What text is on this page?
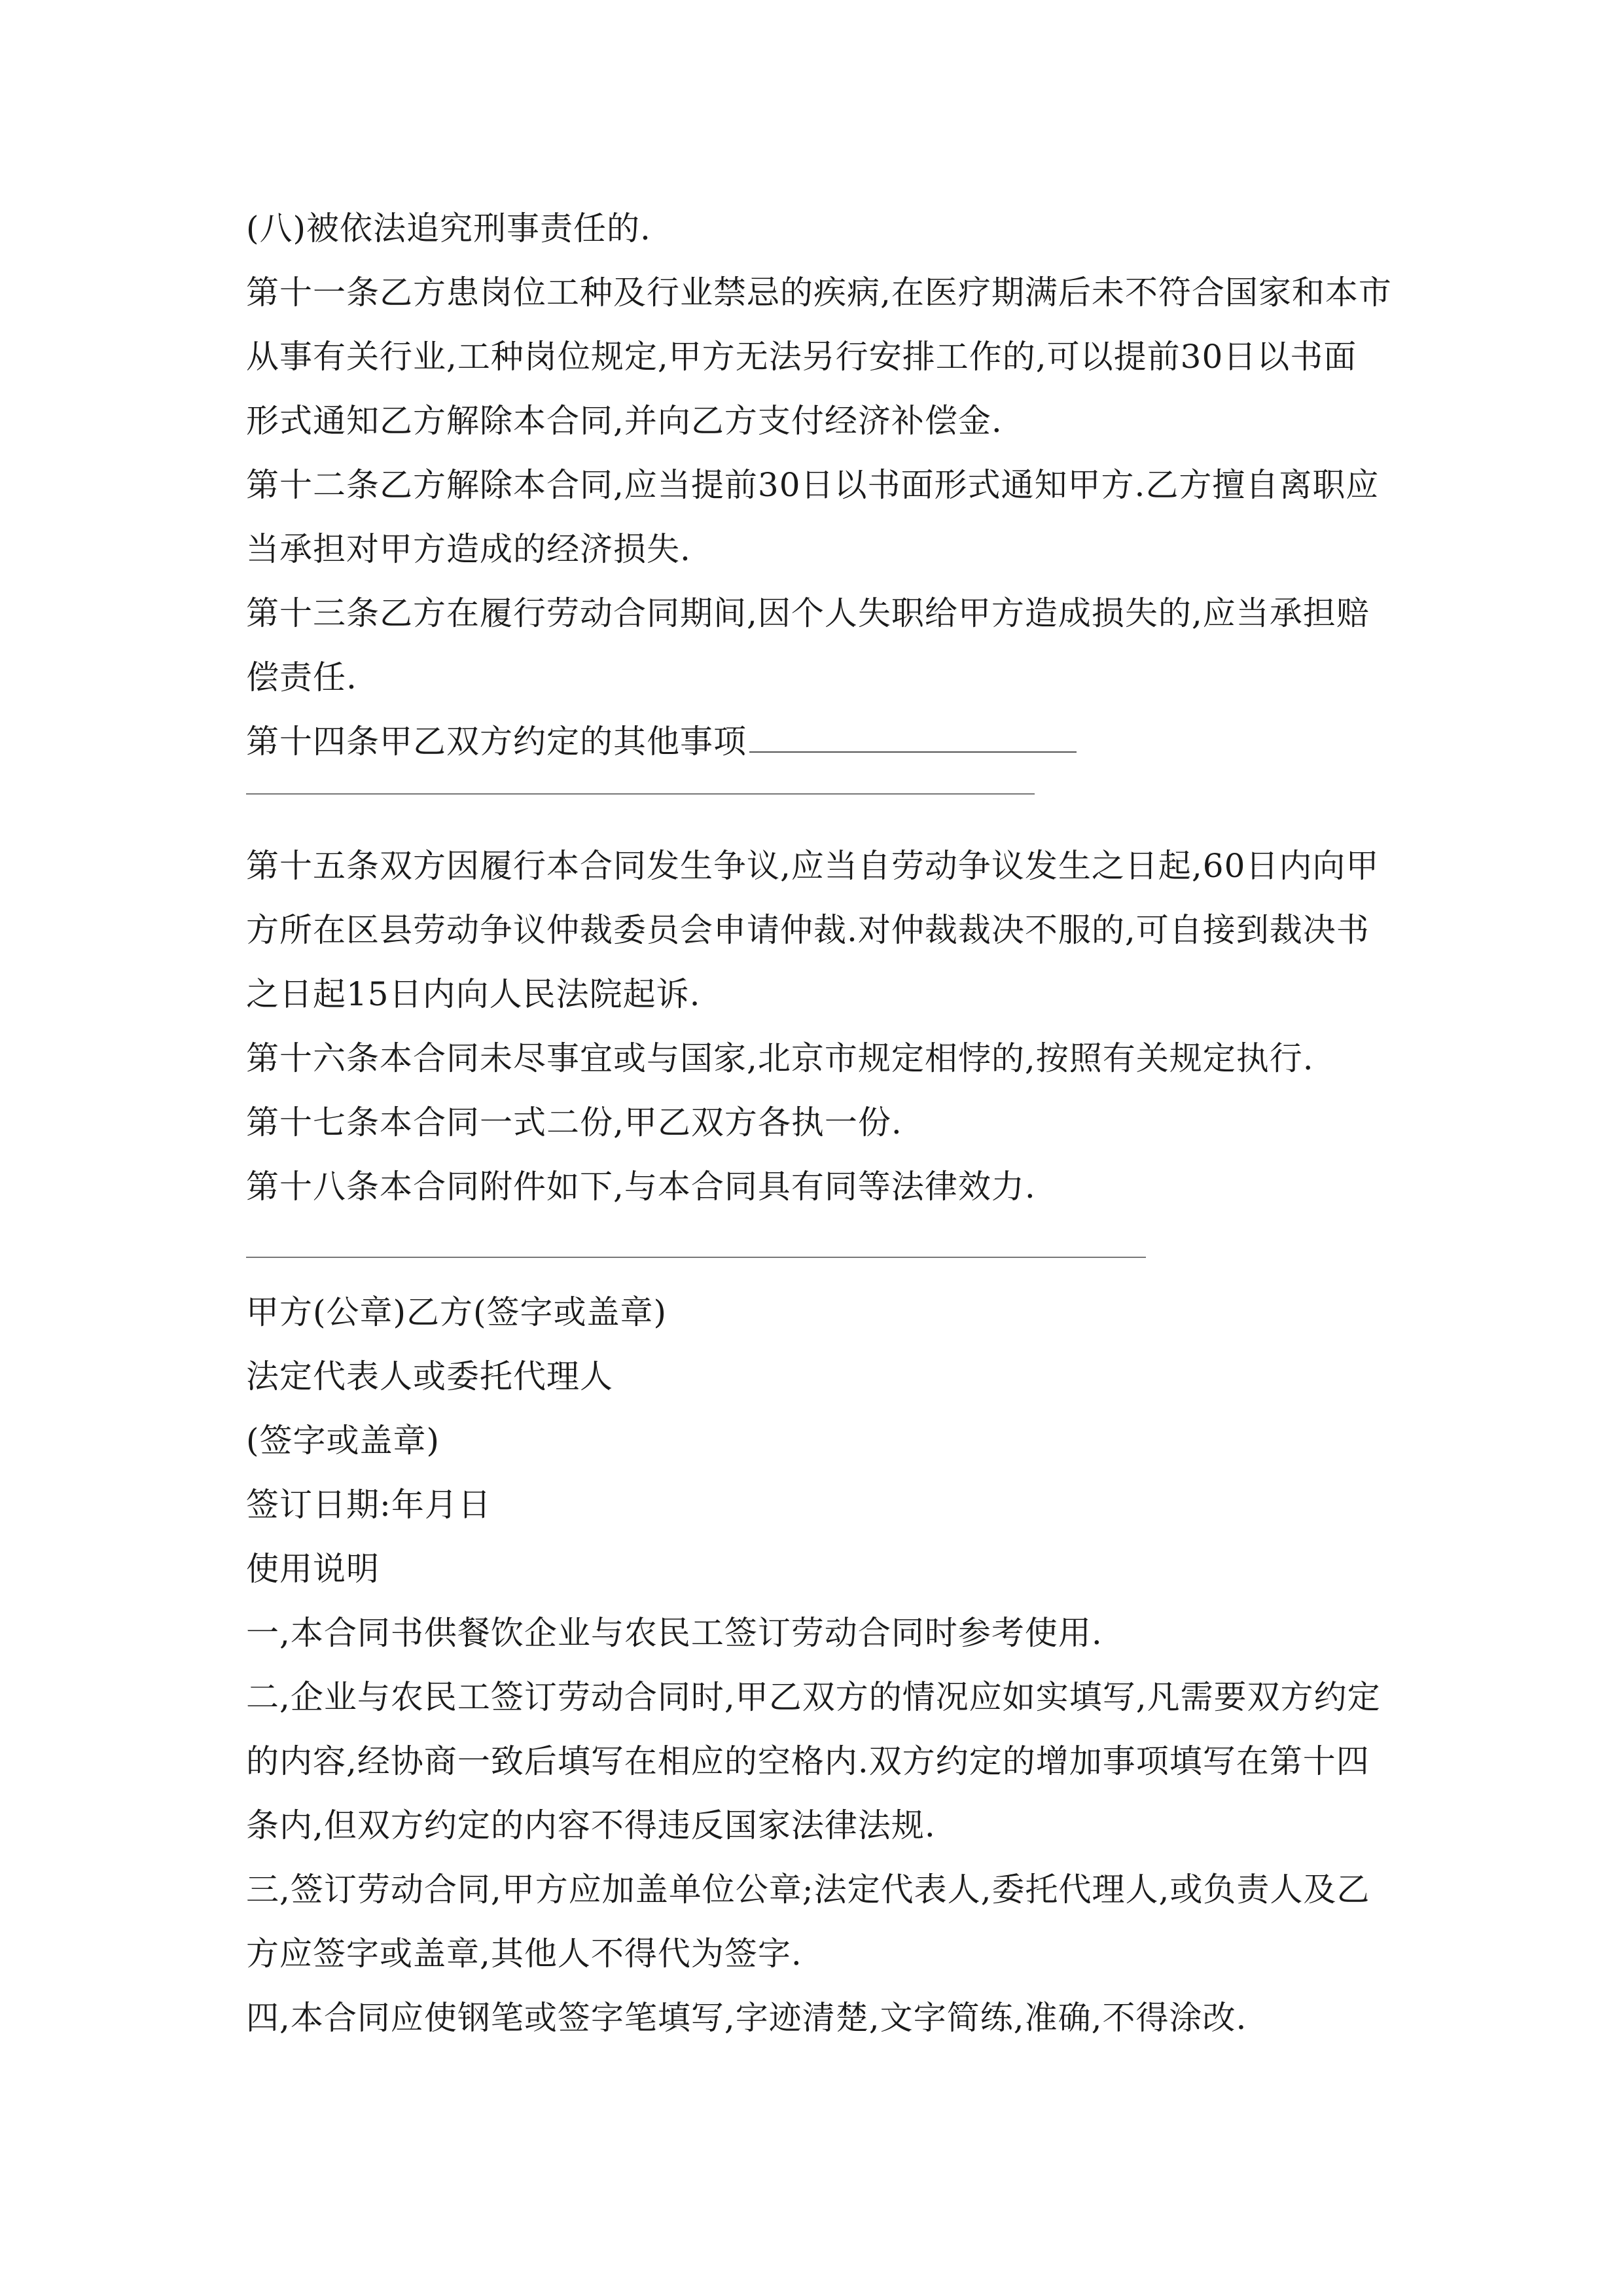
(八)被依法追究刑事责任的.
第十一条乙方患岗位工种及行业禁忌的疾病,在医疗期满后未不符合国家和本市
从事有关行业,工种岗位规定,甲方无法另行安排工作的,可以提前30日以书面
形式通知乙方解除本合同,并向乙方支付经济补偿金.
第十二条乙方解除本合同,应当提前30日以书面形式通知甲方.乙方擅自离职应
当承担对甲方造成的经济损失.
第十三条乙方在履行劳动合同期间,因个人失职给甲方造成损失的,应当承担赔
偿责任.
第十四条甲乙双方约定的其他事项
第十五条双方因履行本合同发生争议,应当自劳动争议发生之日起,60日内向甲
方所在区县劳动争议仲裁委员会申请仲裁.对仲裁裁决不服的,可自接到裁决书
之日起15日内向人民法院起诉.
第十六条本合同未尽事宜或与国家,北京市规定相悖的,按照有关规定执行.
第十七条本合同一式二份,甲乙双方各执一份.
第十八条本合同附件如下,与本合同具有同等法律效力.
甲方(公章)乙方(签字或盖章)
法定代表人或委托代理人
(签字或盖章)
签订日期:年月日
使用说明
一,本合同书供餐饮企业与农民工签订劳动合同时参考使用.
二,企业与农民工签订劳动合同时,甲乙双方的情况应如实填写,凡需要双方约定
的内容,经协商一致后填写在相应的空格内.双方约定的增加事项填写在第十四
条内,但双方约定的内容不得违反国家法律法规.
三,签订劳动合同,甲方应加盖单位公章;法定代表人,委托代理人,或负责人及乙
方应签字或盖章,其他人不得代为签字.
四,本合同应使钢笔或签字笔填写,字迹清楚,文字简练,准确,不得涂改.
